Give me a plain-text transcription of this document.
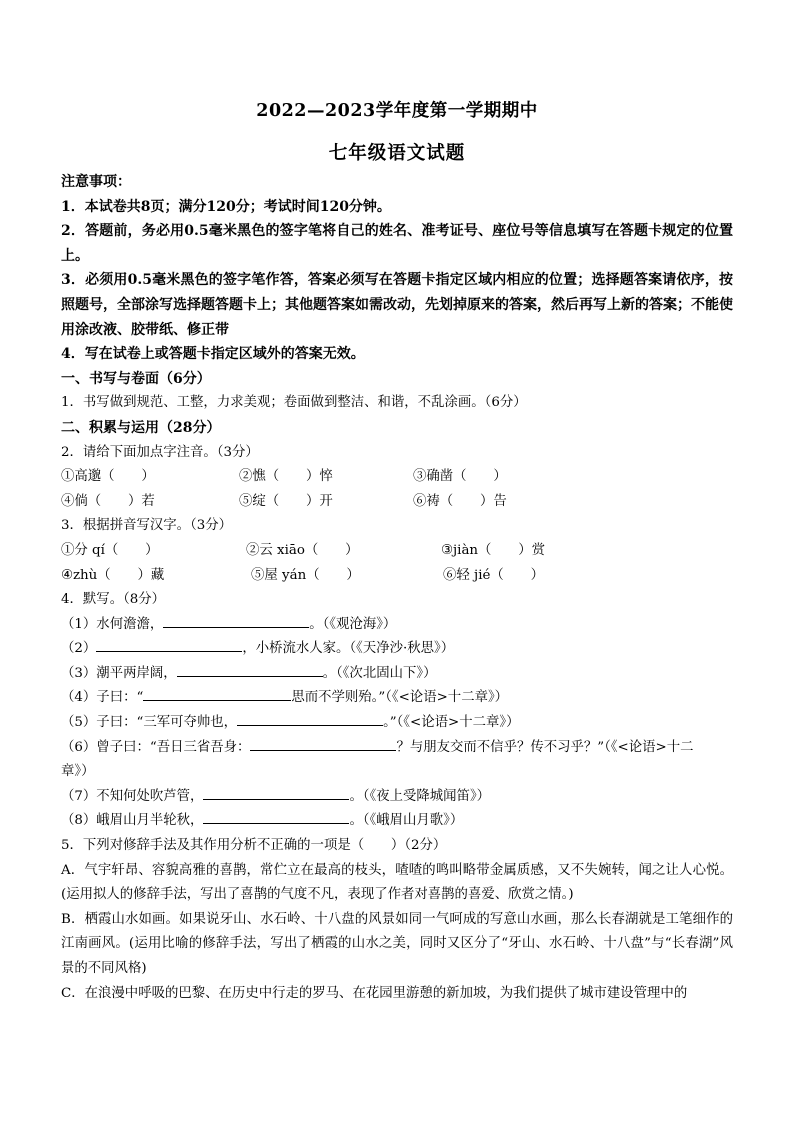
2022—2023学年度第一学期期中
七年级语文试题
注意事项：
1．本试卷共8页；满分120分；考试时间120分钟。
2．答题前，务必用0.5毫米黑色的签字笔将自己的姓名、准考证号、座位号等信息填写在答题卡规定的位置上。
3．必须用0.5毫米黑色的签字笔作答，答案必须写在答题卡指定区域内相应的位置；选择题答案请依序，按照题号，全部涂写选择题答题卡上；其他题答案如需改动，先划掉原来的答案，然后再写上新的答案；不能使用涂改液、胶带纸、修正带
4．写在试卷上或答题卡指定区域外的答案无效。
一、书写与卷面（6分）
1．书写做到规范、工整，力求美观；卷面做到整洁、和谐，不乱涂画。（6分）
二、积累与运用（28分）
2．请给下面加点字注音。（3分）
①高邈（　　）	②憔（　　）悴	③确凿（　　）
④倘（　　）若	⑤绽（　　）开	⑥祷（　　）告
3．根据拼音写汉字。（3分）
①分 qí（　　）	②云 xiāo（　　）	③jiàn（　　）赏
④zhù（　　）藏	⑤屋 yán（　　）	⑥轻 jié（　　）
4．默写。（8分）
（1）水何澹澹，	。（《观沧海》）
（2）	，小桥流水人家。（《天净沙·秋思》）
（3）潮平两岸阔，	。（《次北固山下》）
（4）子曰：“	思而不学则殆。”（《<论语>十二章》）
（5）子曰：“三军可夺帅也，	。”（《<论语>十二章》）
（6）曾子曰：“吾日三省吾身：	？与朋友交而不信乎？传不习乎？”（《<论语>十二
章》）
（7）不知何处吹芦管，	。（《夜上受降城闻笛》）
（8）峨眉山月半轮秋，	。（《峨眉山月歌》）
5．下列对修辞手法及其作用分析不正确的一项是（　　）（2分）
A．气宇轩昂、容貌高雅的喜鹊，常伫立在最高的枝头，喳喳的鸣叫略带金属质感，又不失婉转，闻之让人心悦。(运用拟人的修辞手法，写出了喜鹊的气度不凡，表现了作者对喜鹊的喜爱、欣赏之情。)
B．栖霞山水如画。如果说牙山、水石岭、十八盘的风景如同一气呵成的写意山水画，那么长春湖就是工笔细作的江南画风。(运用比喻的修辞手法，写出了栖霞的山水之美，同时又区分了“牙山、水石岭、十八盘”与“长春湖”风景的不同风格)
C．在浪漫中呼吸的巴黎、在历史中行走的罗马、在花园里游憩的新加坡，为我们提供了城市建设管理中的
